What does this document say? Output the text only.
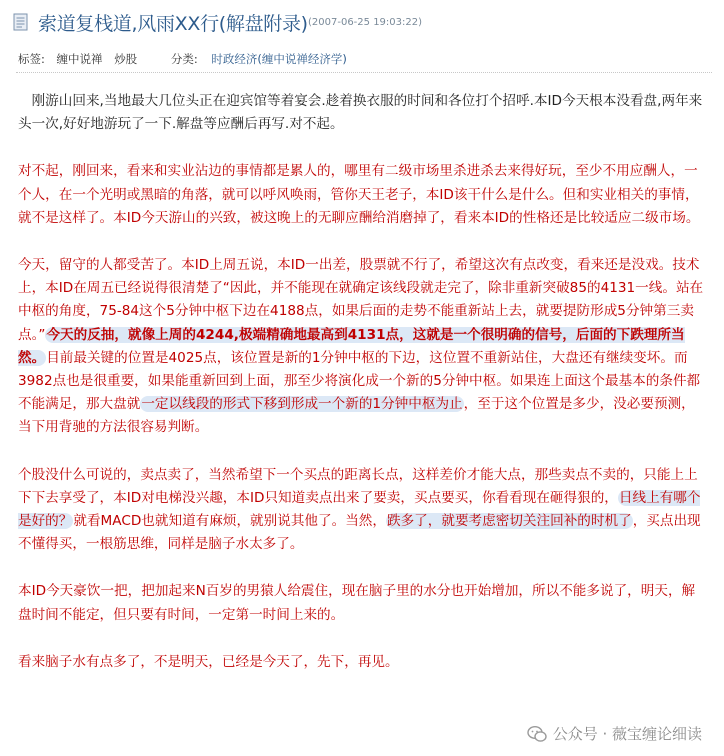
索道复栈道,风雨XX行(解盘附录) (2007-06-25 19:03:22)
标签: 缠中说禅 炒股	分类: 时政经济(缠中说禅经济学)

　刚游山回来,当地最大几位头正在迎宾馆等着宴会.趁着换衣服的时间和各位打个招呼.本ID今天根本没看盘,两年来头一次,好好地游玩了一下.解盘等应酬后再写.对不起。

对不起，刚回来，看来和实业沾边的事情都是累人的，哪里有二级市场里杀进杀去来得好玩，至少不用应酬人，一个人，在一个光明或黑暗的角落，就可以呼风唤雨，管你天王老子，本ID该干什么是什么。但和实业相关的事情，就不是这样了。本ID今天游山的兴致，被这晚上的无聊应酬给消磨掉了，看来本ID的性格还是比较适应二级市场。

今天，留守的人都受苦了。本ID上周五说，本ID一出差，股票就不行了，希望这次有点改变，看来还是没戏。技术上，本ID在周五已经说得很清楚了“因此，并不能现在就确定该线段就走完了，除非重新突破85的4131一线。站在中枢的角度，75-84这个5分钟中枢下边在4188点，如果后面的走势不能重新站上去，就要提防形成5分钟第三卖点。”今天的反抽，就像上周的4244,极端精确地最高到4131点，这就是一个很明确的信号，后面的下跌理所当然。目前最关键的位置是4025点，该位置是新的1分钟中枢的下边，这位置不重新站住，大盘还有继续变坏。而3982点也是很重要，如果能重新回到上面，那至少将演化成一个新的5分钟中枢。如果连上面这个最基本的条件都不能满足，那大盘就一定以线段的形式下移到形成一个新的1分钟中枢为止，至于这个位置是多少，没必要预测，当下用背驰的方法很容易判断。

个股没什么可说的，卖点卖了，当然希望下一个买点的距离长点，这样差价才能大点，那些卖点不卖的，只能上上下下去享受了，本ID对电梯没兴趣，本ID只知道卖点出来了要卖，买点要买，你看看现在砸得狠的，日线上有哪个是好的？就看MACD也就知道有麻烦，就别说其他了。当然，跌多了，就要考虑密切关注回补的时机了，买点出现不懂得买，一根筋思维，同样是脑子水太多了。

本ID今天豪饮一把，把加起来N百岁的男猿人给震住，现在脑子里的水分也开始增加，所以不能多说了，明天，解盘时间不能定，但只要有时间，一定第一时间上来的。

看来脑子水有点多了，不是明天，已经是今天了，先下，再见。

公众号 · 薇宝缠论细读
